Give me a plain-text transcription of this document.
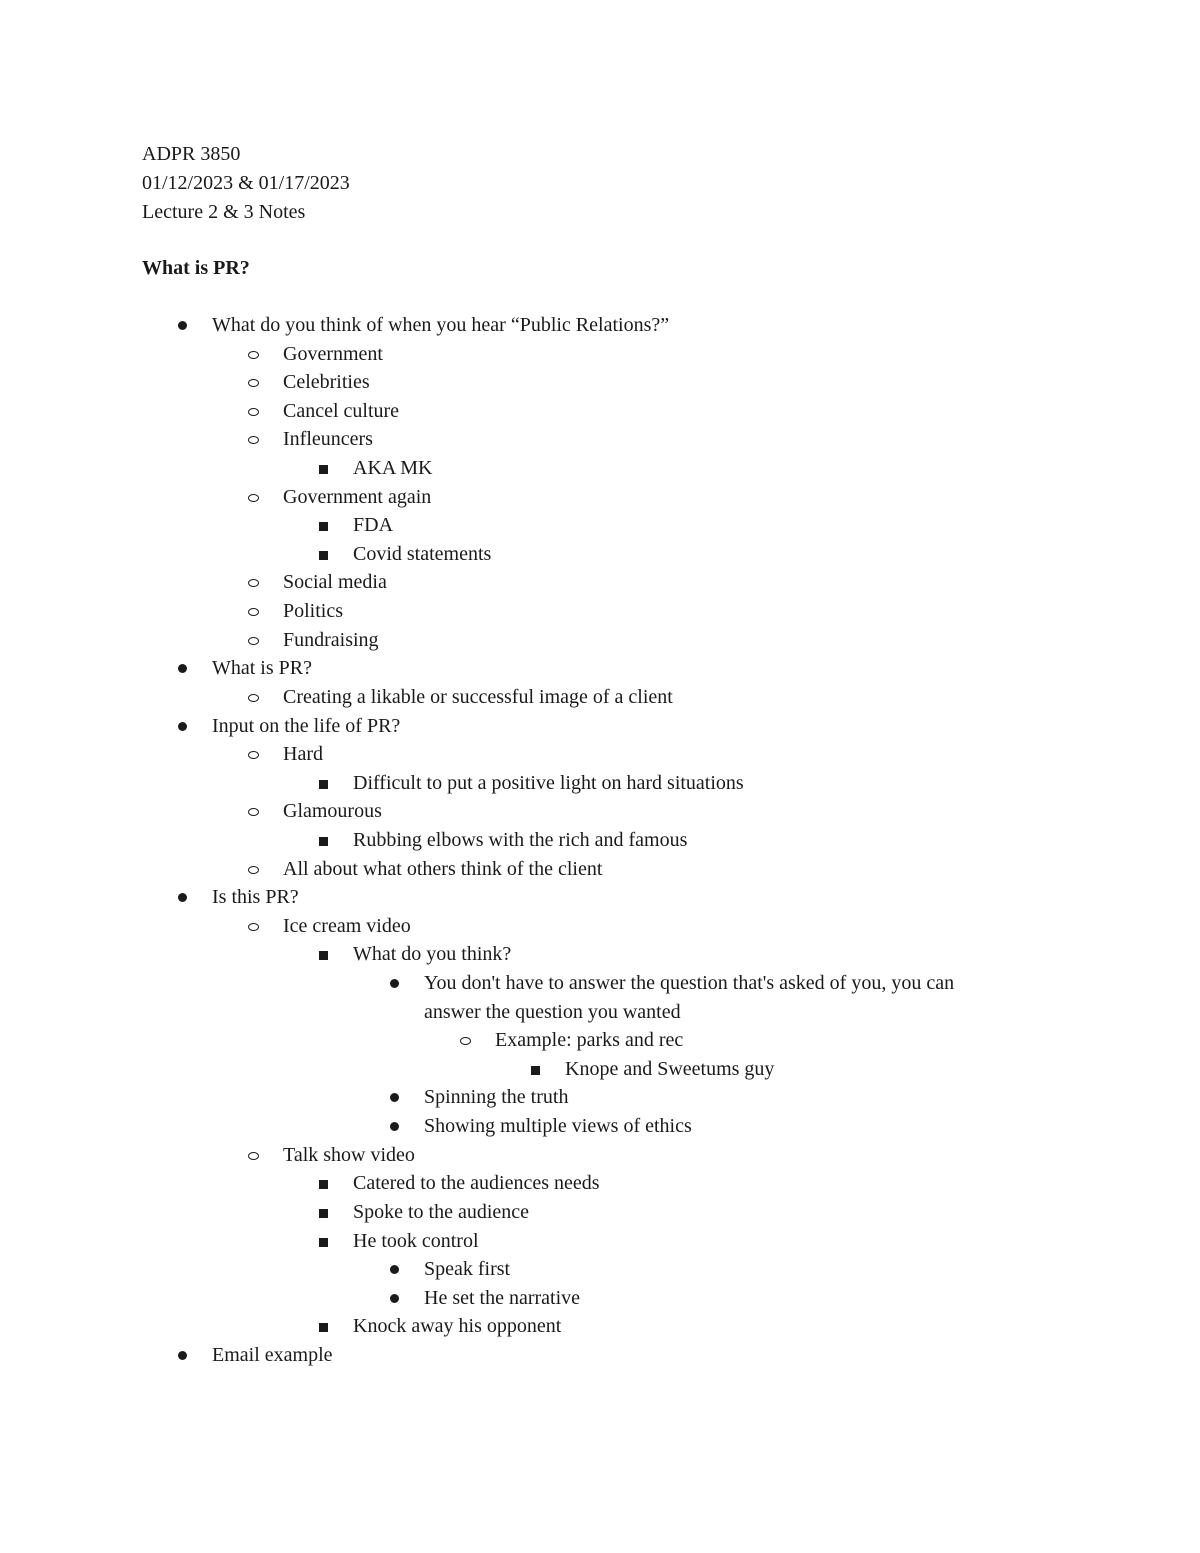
ADPR 3850
01/12/2023 & 01/17/2023
Lecture 2 & 3 Notes
What is PR?
What do you think of when you hear “Public Relations?”
Government
Celebrities
Cancel culture
Infleuncers
AKA MK
Government again
FDA
Covid statements
Social media
Politics
Fundraising
What is PR?
Creating a likable or successful image of a client
Input on the life of PR?
Hard
Difficult to put a positive light on hard situations
Glamourous
Rubbing elbows with the rich and famous
All about what others think of the client
Is this PR?
Ice cream video
What do you think?
You don't have to answer the question that's asked of you, you can answer the question you wanted
Example: parks and rec
Knope and Sweetums guy
Spinning the truth
Showing multiple views of ethics
Talk show video
Catered to the audiences needs
Spoke to the audience
He took control
Speak first
He set the narrative
Knock away his opponent
Email example
